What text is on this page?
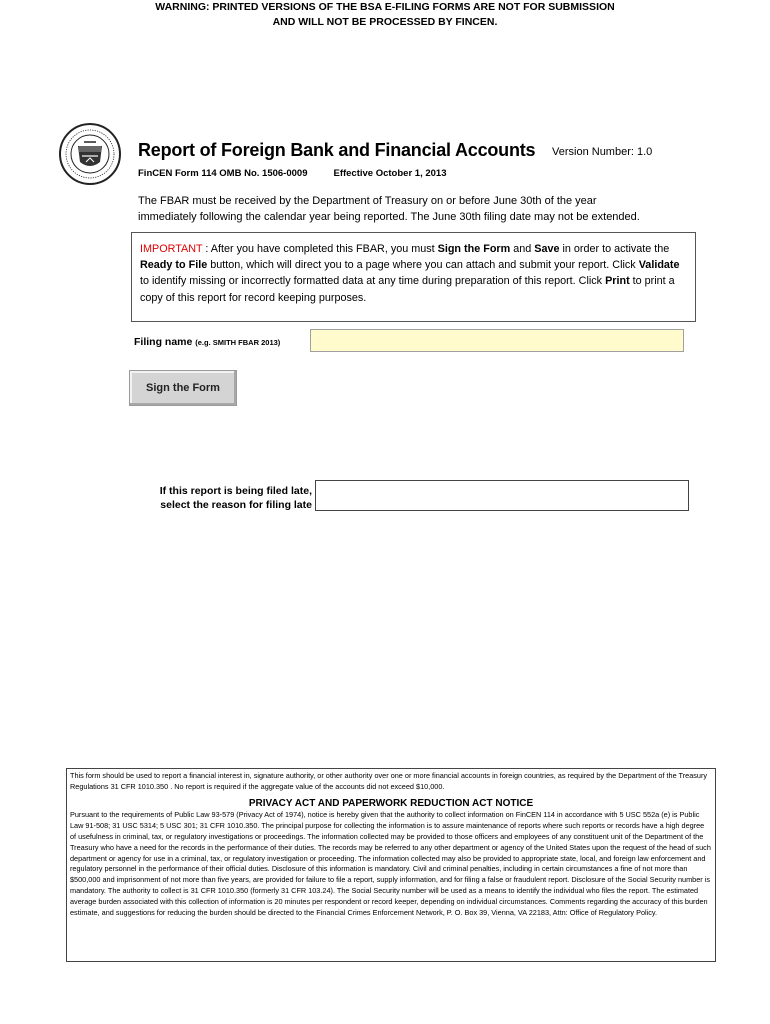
WARNING: PRINTED VERSIONS OF THE BSA E-FILING FORMS ARE NOT FOR SUBMISSION
AND WILL NOT BE PROCESSED BY FINCEN.
Report of Foreign Bank and Financial Accounts Version Number: 1.0
FinCEN Form 114 OMB No. 1506-0009	Effective October 1, 2013
The FBAR must be received by the Department of Treasury on or before June 30th of the year
immediately following the calendar year being reported. The June 30th filing date may not be extended.
IMPORTANT : After you have completed this FBAR, you must Sign the Form and Save in order to activate the Ready to File button, which will direct you to a page where you can attach and submit your report. Click Validate to identify missing or incorrectly formatted data at any time during preparation of this report. Click Print to print a copy of this report for record keeping purposes.
Filing name (e.g. SMITH FBAR 2013)
Sign the Form
If this report is being filed late,
select the reason for filing late

This form should be used to report a financial interest in, signature authority, or other authority over one or more financial accounts in foreign countries, as required by the Department of the Treasury Regulations 31 CFR 1010.350 . No report is required if the aggregate value of the accounts did not exceed $10,000.

PRIVACY ACT AND PAPERWORK REDUCTION ACT NOTICE

Pursuant to the requirements of Public Law 93-579 (Privacy Act of 1974), notice is hereby given that the authority to collect information on FinCEN 114 in accordance with 5 USC 552a (e) is Public Law 91-508; 31 USC 5314; 5 USC 301; 31 CFR 1010.350. The principal purpose for collecting the information is to assure maintenance of reports where such reports or records have a high degree of usefulness in criminal, tax, or regulatory investigations or proceedings. The information collected may be provided to those officers and employees of any constituent unit of the Department of the Treasury who have a need for the records in the performance of their duties. The records may be referred to any other department or agency of the United States upon the request of the head of such department or agency for use in a criminal, tax, or regulatory investigation or proceeding. The information collected may also be provided to appropriate state, local, and foreign law enforcement and regulatory personnel in the performance of their official duties. Disclosure of this information is mandatory. Civil and criminal penalties, including in certain circumstances a fine of not more than $500,000 and imprisonment of not more than five years, are provided for failure to file a report, supply information, and for filing a false or fraudulent report. Disclosure of the Social Security number is mandatory. The authority to collect is 31 CFR 1010.350 (formerly 31 CFR 103.24). The Social Security number will be used as a means to identify the individual who files the report. The estimated average burden associated with this collection of information is 20 minutes per respondent or record keeper, depending on individual circumstances. Comments regarding the accuracy of this burden estimate, and suggestions for reducing the burden should be directed to the Financial Crimes Enforcement Network, P. O. Box 39, Vienna, VA 22183, Attn: Office of Regulatory Policy.
